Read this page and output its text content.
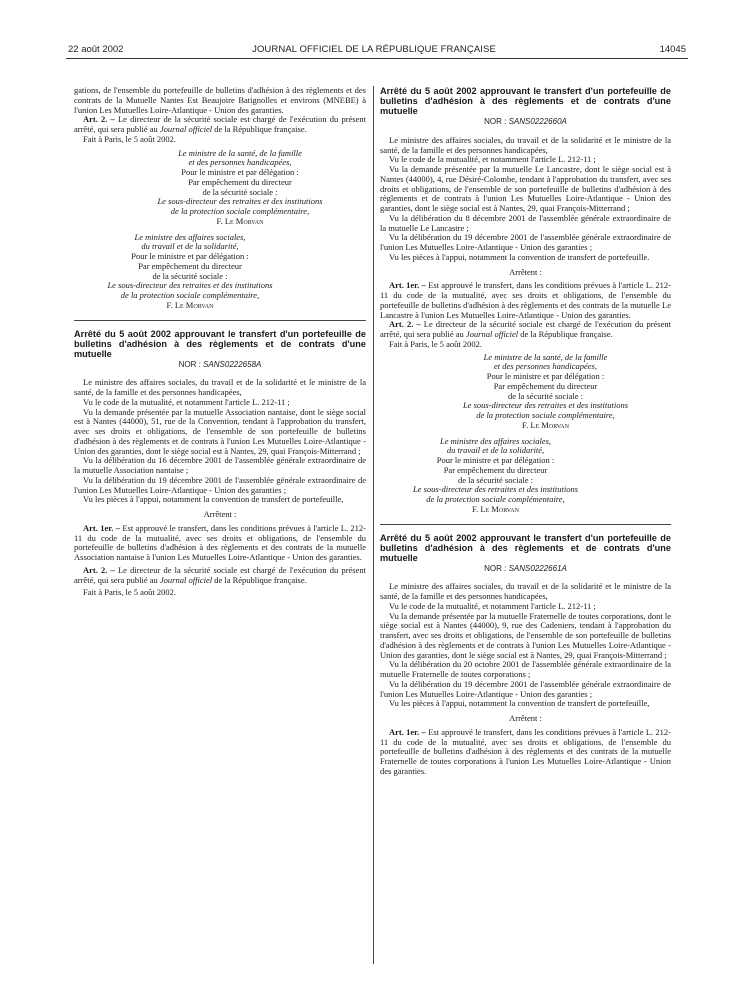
22 août 2002	JOURNAL OFFICIEL DE LA RÉPUBLIQUE FRANÇAISE	14045

gations, de l'ensemble du portefeuille de bulletins d'adhésion à des règlements et des contrats de la Mutuelle Nantes Est Beaujoire Batignolles et environs (MNEBE) à l'union Les Mutuelles Loire-Atlantique - Union des garanties.

Art. 2. – Le directeur de la sécurité sociale est chargé de l'exécution du présent arrêté, qui sera publié au Journal officiel de la République française.

Fait à Paris, le 5 août 2002.

Le ministre de la santé, de la famille

et des personnes handicapées,

Pour le ministre et par délégation :

Par empêchement du directeur

de la sécurité sociale :

Le sous-directeur des retraites et des institutions

de la protection sociale complémentaire,

F. Le Morvan

Le ministre des affaires sociales,

du travail et de la solidarité,

Pour le ministre et par délégation :

Par empêchement du directeur

de la sécurité sociale :

Le sous-directeur des retraites et des institutions

de la protection sociale complémentaire,

F. Le Morvan

Arrêté du 5 août 2002 approuvant le transfert d'un portefeuille de bulletins d'adhésion à des règlements et de contrats d'une mutuelle

NOR : SANS0222658A

Le ministre des affaires sociales, du travail et de la solidarité et le ministre de la santé, de la famille et des personnes handicapées,

Vu le code de la mutualité, et notamment l'article L. 212-11 ;

Vu la demande présentée par la mutuelle Association nantaise, dont le siège social est à Nantes (44000), 51, rue de la Convention, tendant à l'approbation du transfert, avec ses droits et obligations, de l'ensemble de son portefeuille de bulletins d'adhésion à des règlements et de contrats à l'union Les Mutuelles Loire-Atlantique - Union des garanties, dont le siège social est à Nantes, 29, quai François-Mitterrand ;

Vu la délibération du 16 décembre 2001 de l'assemblée générale extraordinaire de la mutuelle Association nantaise ;

Vu la délibération du 19 décembre 2001 de l'assemblée générale extraordinaire de l'union Les Mutuelles Loire-Atlantique - Union des garanties ;

Vu les pièces à l'appui, notamment la convention de transfert de portefeuille,

Arrêtent :

Art. 1er. – Est approuvé le transfert, dans les conditions prévues à l'article L. 212-11 du code de la mutualité, avec ses droits et obligations, de l'ensemble du portefeuille de bulletins d'adhésion à des règlements et des contrats de la mutuelle Association nantaise à l'union Les Mutuelles Loire-Atlantique - Union des garanties.

Art. 2. – Le directeur de la sécurité sociale est chargé de l'exécution du présent arrêté, qui sera publié au Journal officiel de la République française.

Fait à Paris, le 5 août 2002.

Arrêté du 5 août 2002 approuvant le transfert d'un portefeuille de bulletins d'adhésion à des règlements et de contrats d'une mutuelle

NOR : SANS0222660A

Le ministre des affaires sociales, du travail et de la solidarité et le ministre de la santé, de la famille et des personnes handicapées,

Vu le code de la mutualité, et notamment l'article L. 212-11 ;

Vu la demande présentée par la mutuelle Le Lancastre, dont le siège social est à Nantes (44000), 4, rue Désiré-Colombe, tendant à l'approbation du transfert, avec ses droits et obligations, de l'ensemble de son portefeuille de bulletins d'adhésion à des règlements et de contrats à l'union Les Mutuelles Loire-Atlantique - Union des garanties, dont le siège social est à Nantes, 29, quai François-Mitterrand ;

Vu la délibération du 8 décembre 2001 de l'assemblée générale extraordinaire de la mutuelle Le Lancastre ;

Vu la délibération du 19 décembre 2001 de l'assemblée générale extraordinaire de l'union Les Mutuelles Loire-Atlantique - Union des garanties ;

Vu les pièces à l'appui, notamment la convention de transfert de portefeuille.

Arrêtent :

Art. 1er. – Est approuvé le transfert, dans les conditions prévues à l'article L. 212-11 du code de la mutualité, avec ses droits et obligations, de l'ensemble du portefeuille de bulletins d'adhésion à des règlements et des contrats de la mutuelle Le Lancastre à l'union Les Mutuelles Loire-Atlantique - Union des garanties.

Art. 2. – Le directeur de la sécurité sociale est chargé de l'exécution du présent arrêté, qui sera publié au Journal officiel de la République française.

Fait à Paris, le 5 août 2002.

Le ministre de la santé, de la famille

et des personnes handicapées,

Pour le ministre et par délégation :

Par empêchement du directeur

de la sécurité sociale :

Le sous-directeur des retraites et des institutions

de la protection sociale complémentaire,

F. Le Morvan

Le ministre des affaires sociales,

du travail et de la solidarité,

Pour le ministre et par délégation :

Par empêchement du directeur

de la sécurité sociale :

Le sous-directeur des retraites et des institutions

de la protection sociale complémentaire,

F. Le Morvan

Arrêté du 5 août 2002 approuvant le transfert d'un portefeuille de bulletins d'adhésion à des règlements et de contrats d'une mutuelle

NOR : SANS0222661A

Le ministre des affaires sociales, du travail et de la solidarité et le ministre de la santé, de la famille et des personnes handicapées,

Vu le code de la mutualité, et notamment l'article L. 212-11 ;

Vu la demande présentée par la mutuelle Fraternelle de toutes corporations, dont le siège social est à Nantes (44000), 9, rue des Cadeniers, tendant à l'approbation du transfert, avec ses droits et obligations, de l'ensemble de son portefeuille de bulletins d'adhésion à des règlements et de contrats à l'union Les Mutuelles Loire-Atlantique - Union des garanties, dont le siège social est à Nantes, 29, quai François-Mitterrand ;

Vu la délibération du 20 octobre 2001 de l'assemblée générale extraordinaire de la mutuelle Fraternelle de toutes corporations ;

Vu la délibération du 19 décembre 2001 de l'assemblée générale extraordinaire de l'union Les Mutuelles Loire-Atlantique - Union des garanties ;

Vu les pièces à l'appui, notamment la convention de transfert de portefeuille,

Arrêtent :

Art. 1er. – Est approuvé le transfert, dans les conditions prévues à l'article L. 212-11 du code de la mutualité, avec ses droits et obligations, de l'ensemble du portefeuille de bulletins d'adhésion à des règlements et des contrats de la mutuelle Fraternelle de toutes corporations à l'union Les Mutuelles Loire-Atlantique - Union des garanties.
